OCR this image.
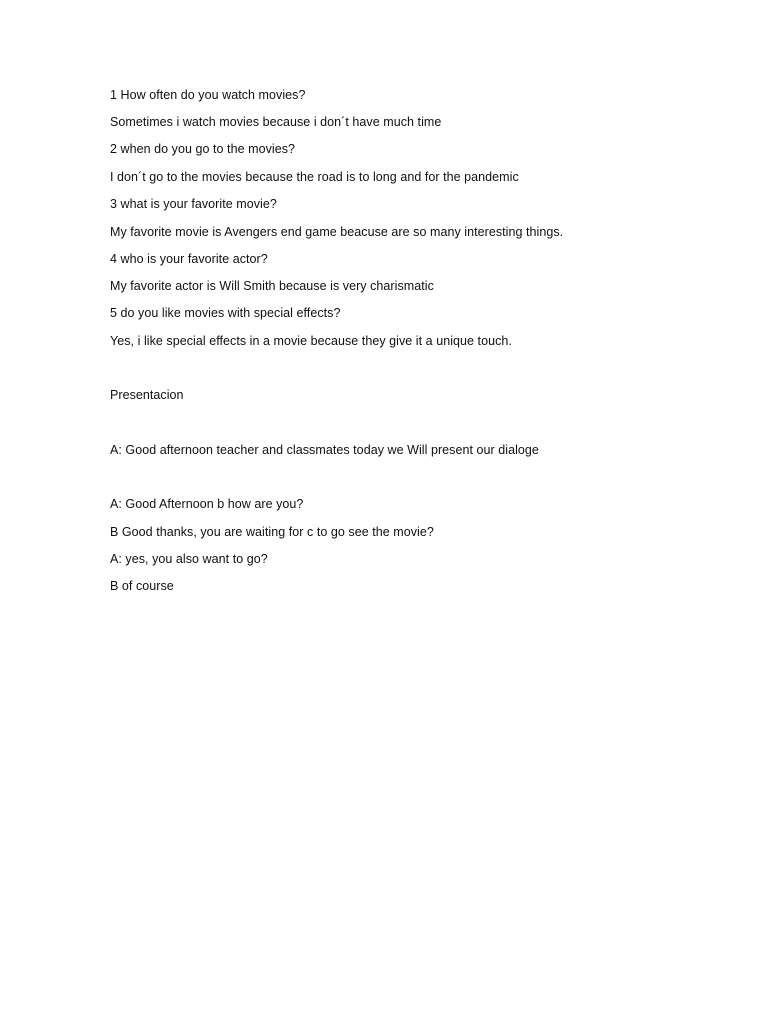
1 How often do you watch movies?
Sometimes i watch movies because i don´t have much time
2 when do you go to the movies?
I don´t go to the movies because the road is to long and for the pandemic
3 what is your favorite movie?
My favorite movie is Avengers end game beacuse are so many interesting things.
4 who is your favorite actor?
My favorite actor is Will Smith because is very charismatic
5 do you like movies with special effects?
Yes, i like special effects in a movie because they give it a unique touch.
Presentacion
A: Good afternoon teacher and classmates today we Will present our dialoge
A: Good Afternoon b how are you?
B Good thanks, you are waiting for c to go see the movie?
A: yes, you also want to go?
B of course
